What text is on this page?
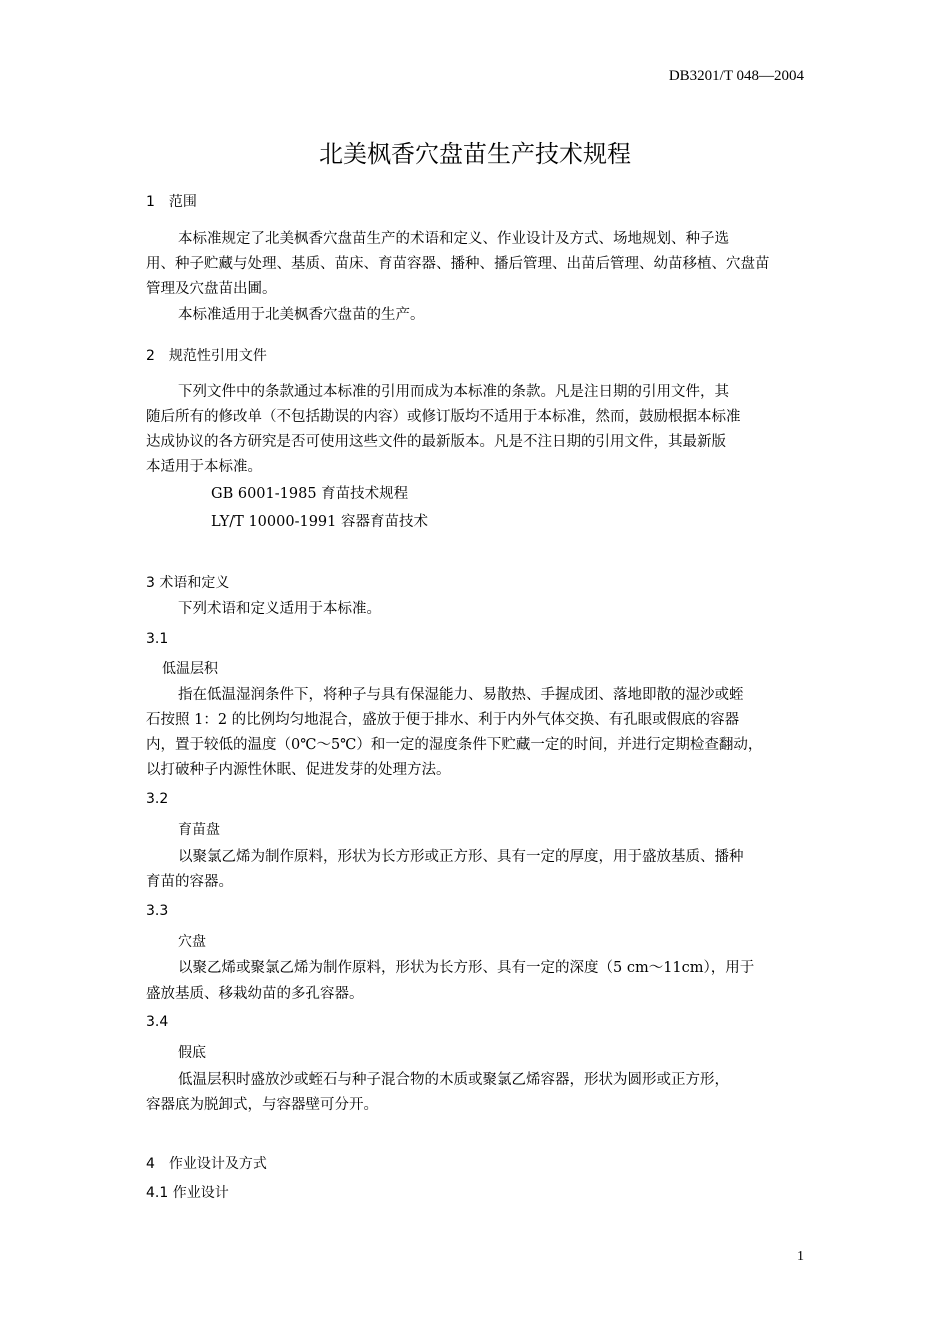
DB3201/T 048—2004
北美枫香穴盘苗生产技术规程
1　范围
本标准规定了北美枫香穴盘苗生产的术语和定义、作业设计及方式、场地规划、种子选
用、种子贮藏与处理、基质、苗床、育苗容器、播种、播后管理、出苗后管理、幼苗移植、穴盘苗
管理及穴盘苗出圃。
本标准适用于北美枫香穴盘苗的生产。
2　规范性引用文件
下列文件中的条款通过本标准的引用而成为本标准的条款。凡是注日期的引用文件，其
随后所有的修改单（不包括勘误的内容）或修订版均不适用于本标准，然而，鼓励根据本标准
达成协议的各方研究是否可使用这些文件的最新版本。凡是不注日期的引用文件，其最新版
本适用于本标准。
GB 6001-1985 育苗技术规程
LY/T 10000-1991 容器育苗技术
3 术语和定义
下列术语和定义适用于本标准。
3.1
低温层积
指在低温湿润条件下，将种子与具有保湿能力、易散热、手握成团、落地即散的湿沙或蛭
石按照 1：2 的比例均匀地混合，盛放于便于排水、利于内外气体交换、有孔眼或假底的容器
内，置于较低的温度（0℃～5℃）和一定的湿度条件下贮藏一定的时间，并进行定期检查翻动，
以打破种子内源性休眠、促进发芽的处理方法。
3.2
育苗盘
以聚氯乙烯为制作原料，形状为长方形或正方形、具有一定的厚度，用于盛放基质、播种
育苗的容器。
3.3
穴盘
以聚乙烯或聚氯乙烯为制作原料，形状为长方形、具有一定的深度（5 cm～11cm），用于
盛放基质、移栽幼苗的多孔容器。
3.4
假底
低温层积时盛放沙或蛭石与种子混合物的木质或聚氯乙烯容器，形状为圆形或正方形，
容器底为脱卸式，与容器壁可分开。
4　作业设计及方式
4.1 作业设计
1
